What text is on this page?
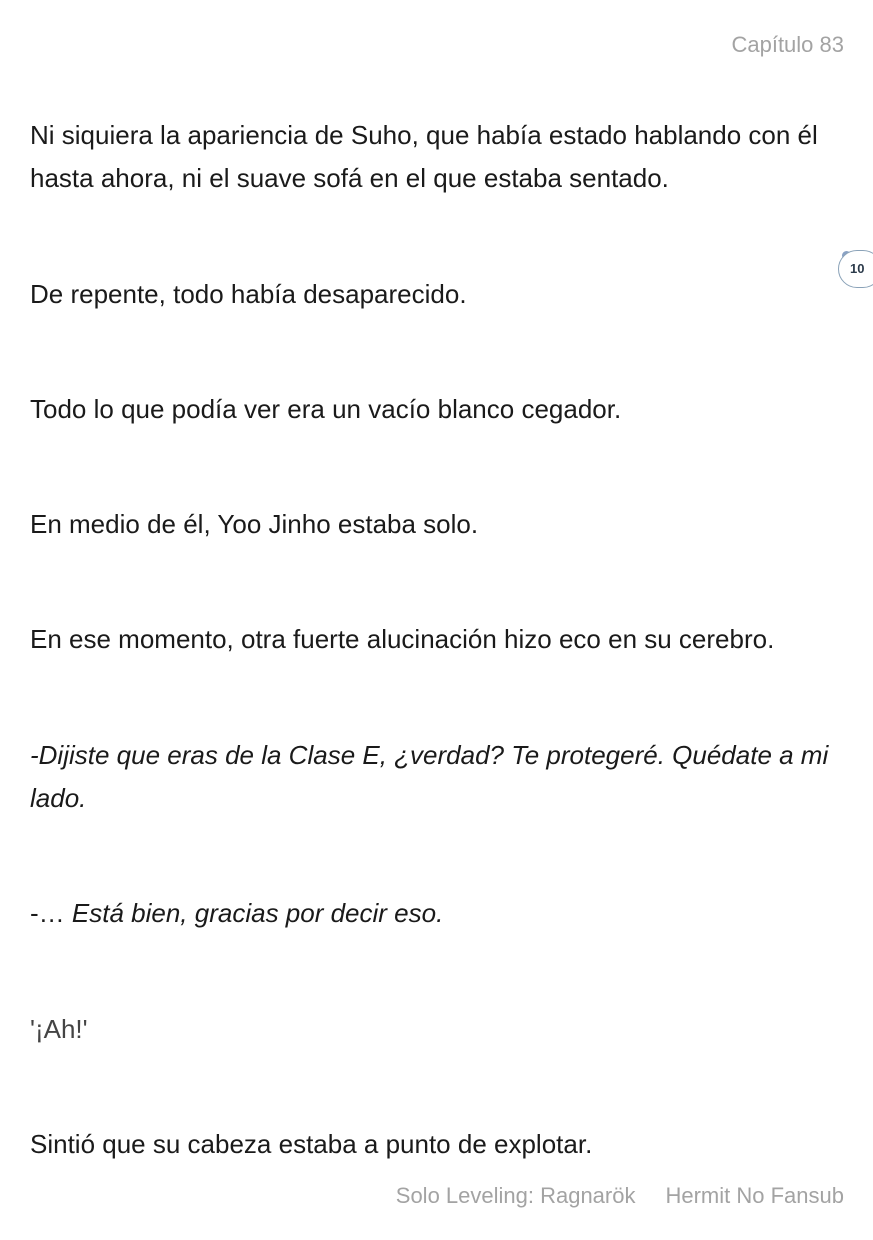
Capítulo 83

Ni siquiera la apariencia de Suho, que había estado hablando con él hasta ahora, ni el suave sofá en el que estaba sentado.

10

De repente, todo había desaparecido.

Todo lo que podía ver era un vacío blanco cegador.

En medio de él, Yoo Jinho estaba solo.

En ese momento, otra fuerte alucinación hizo eco en su cerebro.

-Dijiste que eras de la Clase E, ¿verdad? Te protegeré. Quédate a mi lado.

-… Está bien, gracias por decir eso.

'¡Ah!'

Sintió que su cabeza estaba a punto de explotar.

Solo Leveling: Ragnarök Hermit No Fansub
